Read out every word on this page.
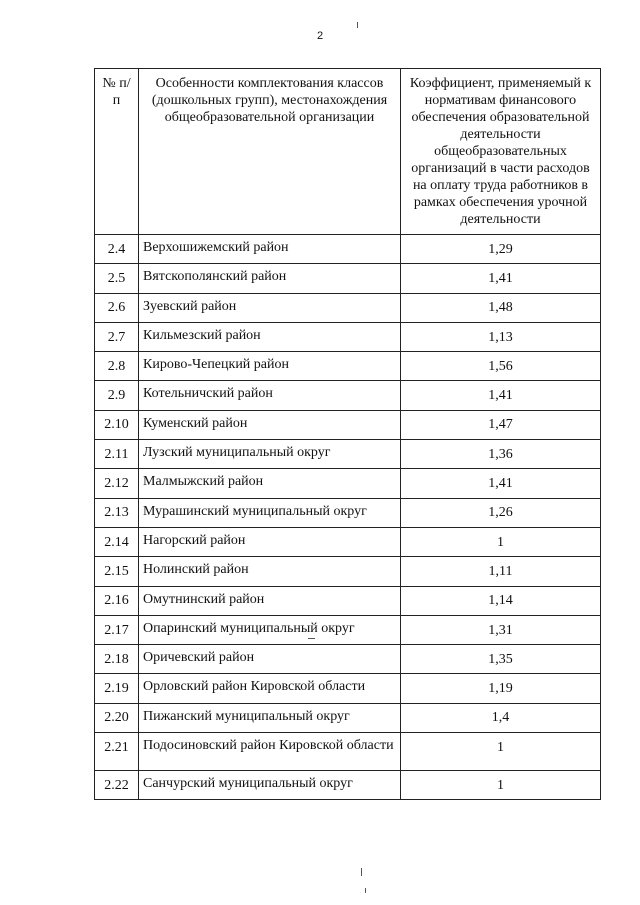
2
№ п/п	Особенности комплектования классов (дошкольных групп), местонахождения общеобразовательной организации	Коэффициент, применяемый к нормативам финансового обеспечения образовательной деятельности общеобразовательных организаций в части расходов на оплату труда работников в рамках обеспечения урочной деятельности
2.4	Верхошижемский район	1,29
2.5	Вятскополянский район	1,41
2.6	Зуевский район	1,48
2.7	Кильмезский район	1,13
2.8	Кирово-Чепецкий район	1,56
2.9	Котельничский район	1,41
2.10	Куменский район	1,47
2.11	Лузский муниципальный округ	1,36
2.12	Малмыжский район	1,41
2.13	Мурашинский муниципальный округ	1,26
2.14	Нагорский район	1
2.15	Нолинский район	1,11
2.16	Омутнинский район	1,14
2.17	Опаринский муниципальный округ	1,31
2.18	Оричевский район	1,35
2.19	Орловский район Кировской области	1,19
2.20	Пижанский муниципальный округ	1,4
2.21	Подосиновский район Кировской области	1
2.22	Санчурский муниципальный округ	1
